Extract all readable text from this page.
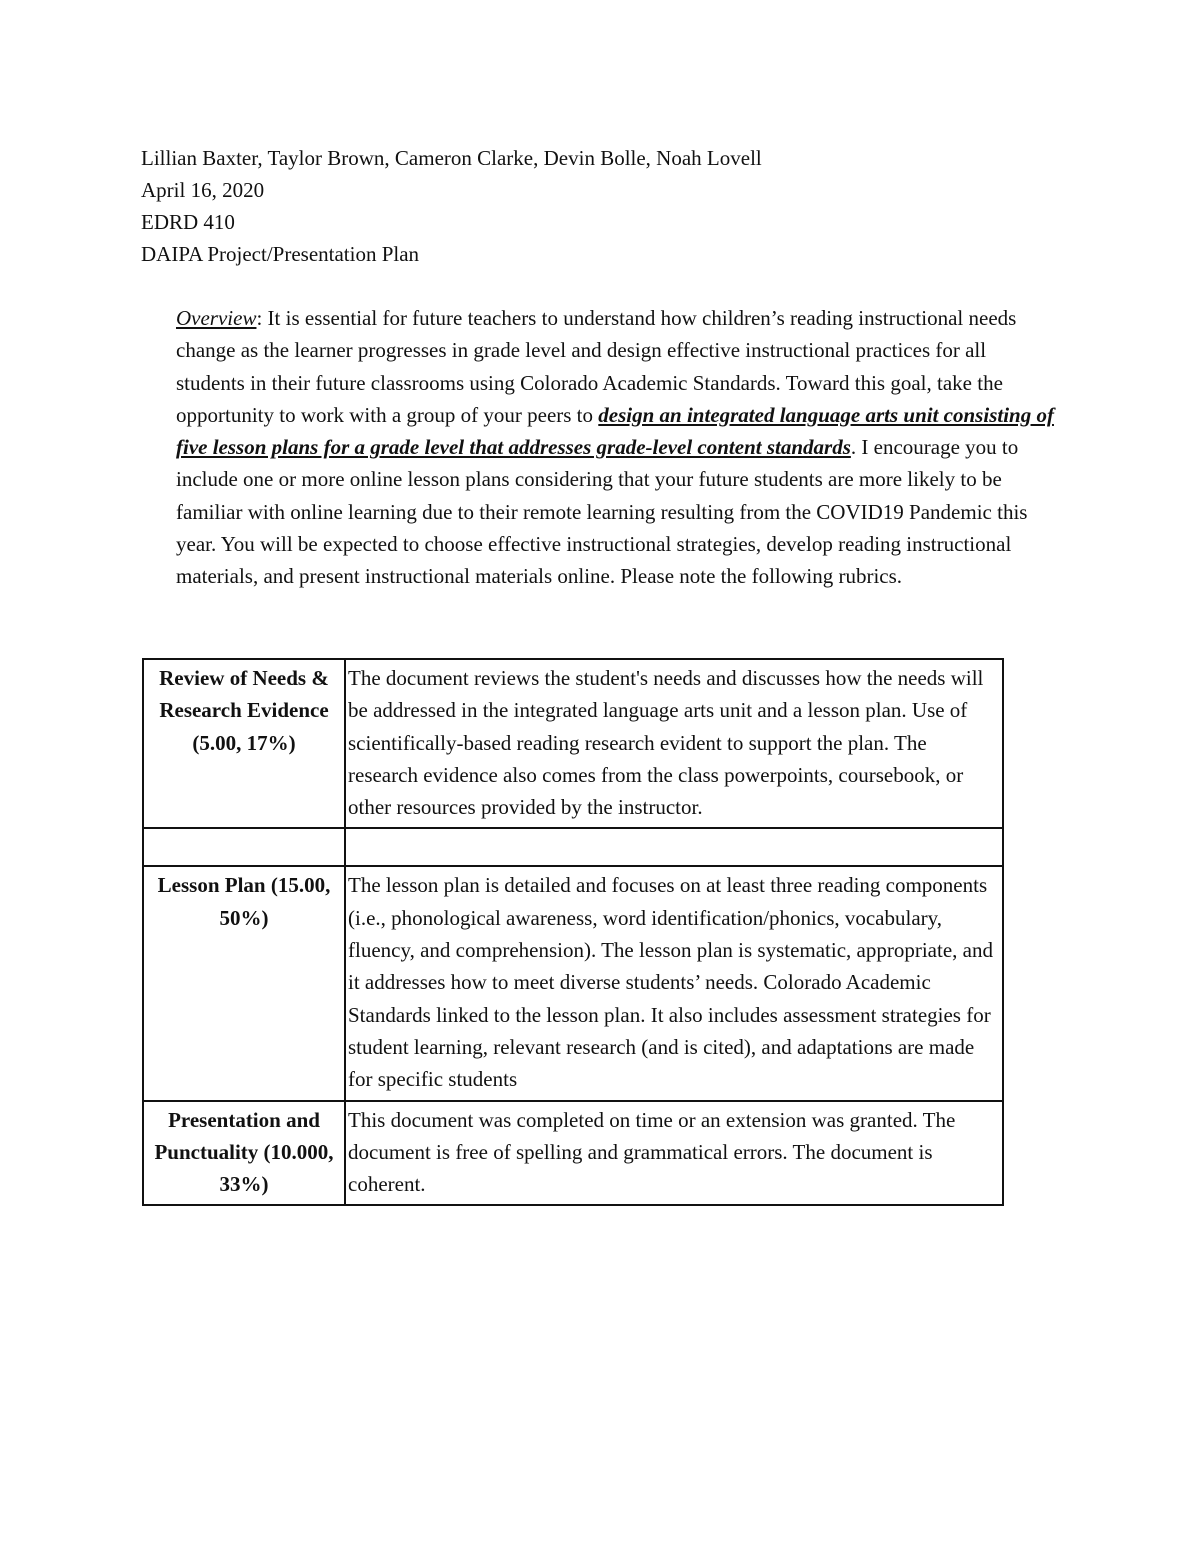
Lillian Baxter, Taylor Brown, Cameron Clarke, Devin Bolle, Noah Lovell
April 16, 2020
EDRD 410
DAIPA Project/Presentation Plan

Overview: It is essential for future teachers to understand how children’s reading instructional needs change as the learner progresses in grade level and design effective instructional practices for all students in their future classrooms using Colorado Academic Standards. Toward this goal, take the opportunity to work with a group of your peers to design an integrated language arts unit consisting of five lesson plans for a grade level that addresses grade-level content standards. I encourage you to include one or more online lesson plans considering that your future students are more likely to be familiar with online learning due to their remote learning resulting from the COVID19 Pandemic this year. You will be expected to choose effective instructional strategies, develop reading instructional materials, and present instructional materials online. Please note the following rubrics.

Review of Needs & Research Evidence (5.00, 17%)	The document reviews the student's needs and discusses how the needs will be addressed in the integrated language arts unit and a lesson plan. Use of scientifically-based reading research evident to support the plan. The research evidence also comes from the class powerpoints, coursebook, or other resources provided by the instructor.

Lesson Plan (15.00, 50%)	The lesson plan is detailed and focuses on at least three reading components (i.e., phonological awareness, word identification/phonics, vocabulary, fluency, and comprehension). The lesson plan is systematic, appropriate, and it addresses how to meet diverse students’ needs. Colorado Academic Standards linked to the lesson plan. It also includes assessment strategies for student learning, relevant research (and is cited), and adaptations are made for specific students
Presentation and Punctuality (10.000, 33%)	This document was completed on time or an extension was granted. The document is free of spelling and grammatical errors. The document is coherent.
